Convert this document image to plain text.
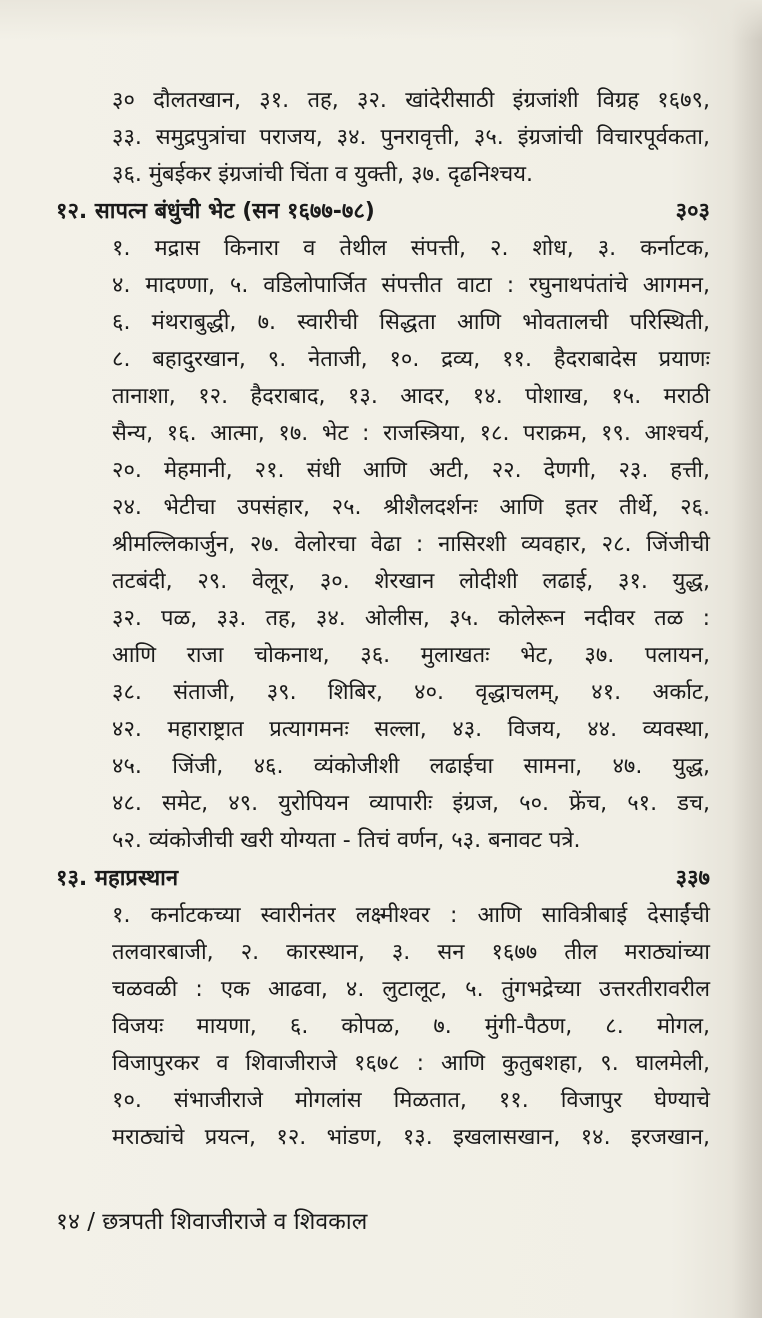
३० दौलतखान, ३१. तह, ३२. खांदेरीसाठी इंग्रजांशी विग्रह १६७९,
३३. समुद्रपुत्रांचा पराजय, ३४. पुनरावृत्ती, ३५. इंग्रजांची विचारपूर्वकता,
३६. मुंबईकर इंग्रजांची चिंता व युक्ती, ३७. दृढनिश्चय.
१२. सापत्न बंधुंची भेट (सन १६७७-७८)	३०३
१. मद्रास किनारा व तेथील संपत्ती, २. शोध, ३. कर्नाटक,
४. मादण्णा, ५. वडिलोपार्जित संपत्तीत वाटा : रघुनाथपंतांचे आगमन,
६. मंथराबुद्धी, ७. स्वारीची सिद्धता आणि भोवतालची परिस्थिती,
८. बहादुरखान, ९. नेताजी, १०. द्रव्य, ११. हैदराबादेस प्रयाणः
तानाशा, १२. हैदराबाद, १३. आदर, १४. पोशाख, १५. मराठी
सैन्य, १६. आत्मा, १७. भेट : राजस्त्रिया, १८. पराक्रम, १९. आश्चर्य,
२०. मेहमानी, २१. संधी आणि अटी, २२. देणगी, २३. हत्ती,
२४. भेटीचा उपसंहार, २५. श्रीशैलदर्शनः आणि इतर तीर्थे, २६.
श्रीमल्लिकार्जुन, २७. वेलोरचा वेढा : नासिरशी व्यवहार, २८. जिंजीची
तटबंदी, २९. वेलूर, ३०. शेरखान लोदीशी लढाई, ३१. युद्ध,
३२. पळ, ३३. तह, ३४. ओलीस, ३५. कोलेरून नदीवर तळ :
आणि राजा चोकनाथ, ३६. मुलाखतः भेट, ३७. पलायन,
३८. संताजी, ३९. शिबिर, ४०. वृद्धाचलम्, ४१. अर्काट,
४२. महाराष्ट्रात प्रत्यागमनः सल्ला, ४३. विजय, ४४. व्यवस्था,
४५. जिंजी, ४६. व्यंकोजीशी लढाईचा सामना, ४७. युद्ध,
४८. समेट, ४९. युरोपियन व्यापारीः इंग्रज, ५०. फ्रेंच, ५१. डच,
५२. व्यंकोजीची खरी योग्यता - तिचं वर्णन, ५३. बनावट पत्रे.
१३. महाप्रस्थान	३३७
१. कर्नाटकच्या स्वारीनंतर लक्ष्मीश्वर : आणि सावित्रीबाई देसाईंची
तलवारबाजी, २. कारस्थान, ३. सन १६७७ तील मराठ्यांच्या
चळवळी : एक आढवा, ४. लुटालूट, ५. तुंगभद्रेच्या उत्तरतीरावरील
विजयः मायणा, ६. कोपळ, ७. मुंगी-पैठण, ८. मोगल,
विजापुरकर व शिवाजीराजे १६७८ : आणि कुतुबशहा, ९. घालमेली,
१०. संभाजीराजे मोगलांस मिळतात, ११. विजापुर घेण्याचे
मराठ्यांचे प्रयत्न, १२. भांडण, १३. इखलासखान, १४. इरजखान,
१४ / छत्रपती शिवाजीराजे व शिवकाल
